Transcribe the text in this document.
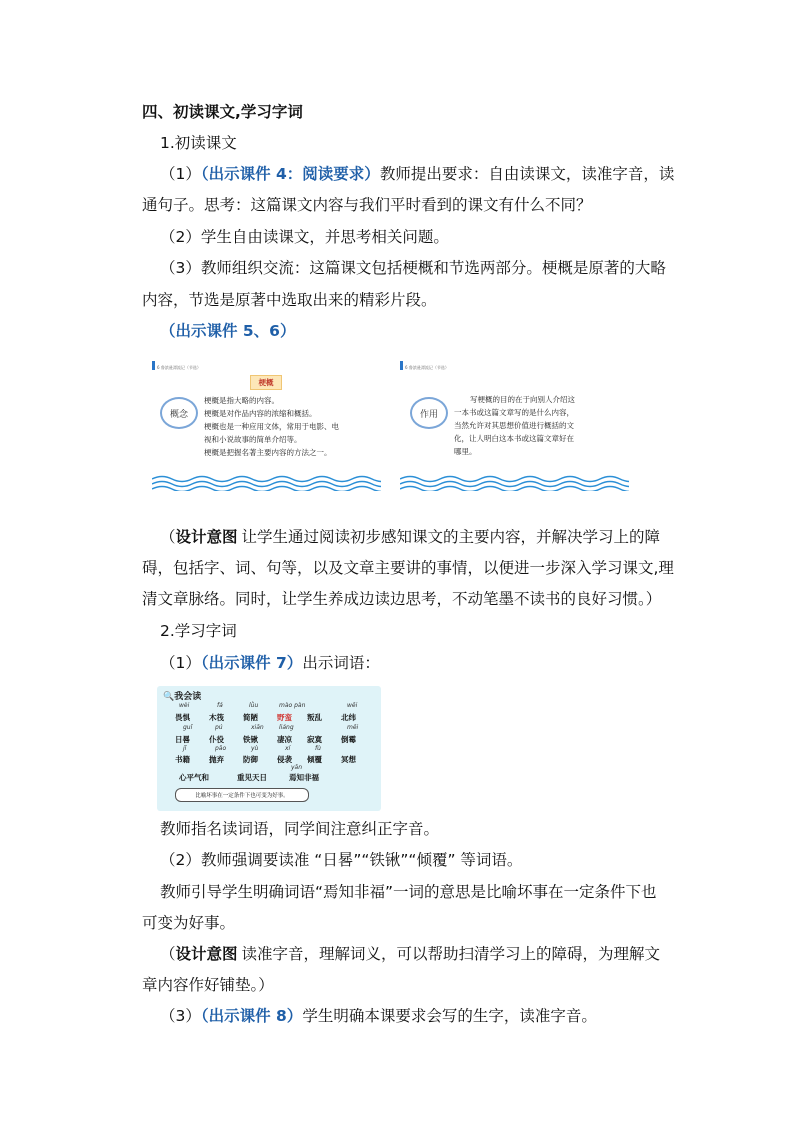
四、初读课文,学习字词
1.初读课文
（1）（出示课件 4：阅读要求）教师提出要求：自由读课文，读准字音，读
通句子。思考：这篇课文内容与我们平时看到的课文有什么不同？
（2）学生自由读课文，并思考相关问题。
（3）教师组织交流：这篇课文包括梗概和节选两部分。梗概是原著的大略
内容，节选是原著中选取出来的精彩片段。
（出示课件 5、6）
6 鲁滨逊漂流记（节选）
梗概
概念
梗概是指大略的内容。
梗概是对作品内容的浓缩和概括。
梗概也是一种应用文体，常用于电影、电
视和小说故事的简单介绍等。
梗概是把握名著主要内容的方法之一。
6 鲁滨逊漂流记（节选）
作用
写梗概的目的在于向别人介绍这
一本书或这篇文章写的是什么内容，
当然允许对其思想价值进行概括的文
化，让人明白这本书或这篇文章好在
哪里。
（设计意图 让学生通过阅读初步感知课文的主要内容，并解决学习上的障
碍，包括字、词、句等，以及文章主要讲的事情，以便进一步深入学习课文,理
清文章脉络。同时，让学生养成边读边思考，不动笔墨不读书的良好习惯。）
2.学习字词
（1）（出示课件 7）出示词语：
🔍我会读
wèi	fá	lǜu	mào pàn	wēi
畏惧	木筏	简陋	野蛮 叛乱	北纬
guǐ	pú	xiān	liáng	mēi
日晷	仆役	铁锹	凄凉 寂寞	倒霉
jǐ	pāo	yù	xí	fù
书籍	抛弃	防御	侵袭 倾覆	冥想
yān
心平气和	重见天日	焉知非福
比喻坏事在一定条件下也可变为好事。
教师指名读词语，同学间注意纠正字音。
（2）教师强调要读准 “日晷”“铁锹”“倾覆” 等词语。
教师引导学生明确词语“焉知非福”一词的意思是比喻坏事在一定条件下也
可变为好事。
（设计意图 读准字音，理解词义，可以帮助扫清学习上的障碍，为理解文
章内容作好铺垫。）
（3）（出示课件 8）学生明确本课要求会写的生字，读准字音。
